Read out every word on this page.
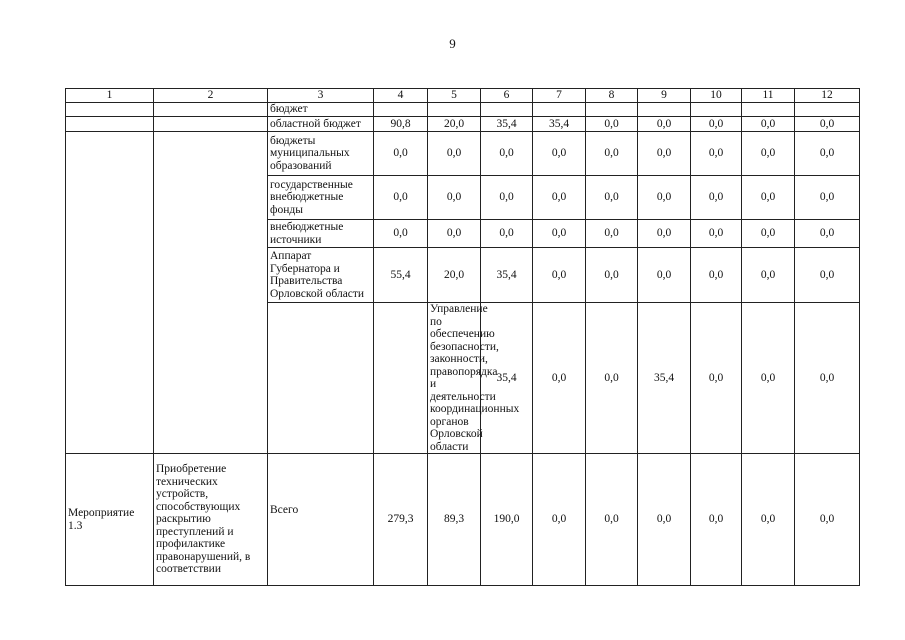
9
1	2	3	4	5	6	7	8	9	10	11	12	
		бюджет										
		областной бюджет	90,8	20,0	35,4	35,4	0,0	0,0	0,0	0,0	0,0	
		бюджеты муниципальных образований	0,0	0,0	0,0	0,0	0,0	0,0	0,0	0,0	0,0	
		государственные внебюджетные фонды	0,0	0,0	0,0	0,0	0,0	0,0	0,0	0,0	0,0	
		внебюджетные источники	0,0	0,0	0,0	0,0	0,0	0,0	0,0	0,0	0,0	
		Аппарат Губернатора и Правительства Орловской области	55,4	20,0	35,4	0,0	0,0	0,0	0,0	0,0	0,0	
				Управление по обеспечению безопасности, законности, правопорядка и деятельности координационных органов Орловской области	35,4	0,0	0,0	35,4	0,0	0,0	0,0		
Мероприятие 1.3	Приобретение технических устройств, способствующих раскрытию преступлений и профилактике правонарушений, в соответствии	Всего	279,3	89,3	190,0	0,0	0,0	0,0	0,0	0,0	0,0	
